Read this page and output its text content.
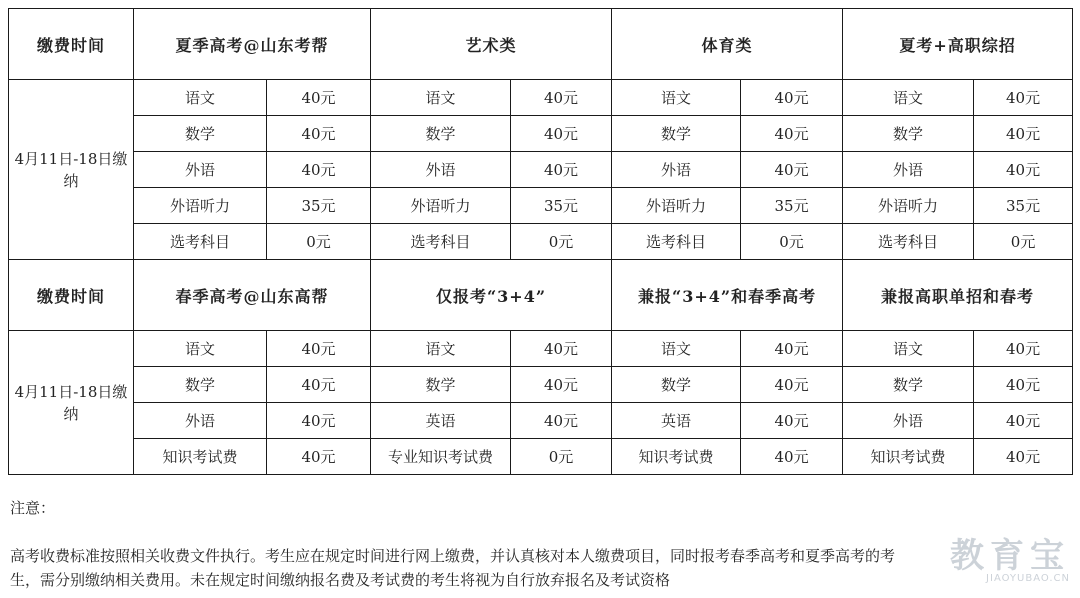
缴费时间	夏季高考@山东考帮		艺术类		体育类		夏考+高职综招	
4月11日-18日缴纳	语文	40元	语文	40元	语文	40元	语文	40元
	数学	40元	数学	40元	数学	40元	数学	40元
	外语	40元	外语	40元	外语	40元	外语	40元
	外语听力	35元	外语听力	35元	外语听力	35元	外语听力	35元
	选考科目	0元	选考科目	0元	选考科目	0元	选考科目	0元
缴费时间	春季高考@山东高帮		仅报考“3+4”		兼报“3+4”和春季高考		兼报高职单招和春考	
4月11日-18日缴纳	语文	40元	语文	40元	语文	40元	语文	40元
	数学	40元	数学	40元	数学	40元	数学	40元
	外语	40元	英语	40元	英语	40元	外语	40元
	知识考试费	40元	专业知识考试费	0元	知识考试费	40元	知识考试费	40元
注意：

高考收费标准按照相关收费文件执行。考生应在规定时间进行网上缴费，并认真核对本人缴费项目，同时报考春季高考和夏季高考的考

生，需分别缴纳相关费用。未在规定时间缴纳报名费及考试费的考生将视为自行放弃报名及考试资格

教育宝
JIAOYUBAO.CN
